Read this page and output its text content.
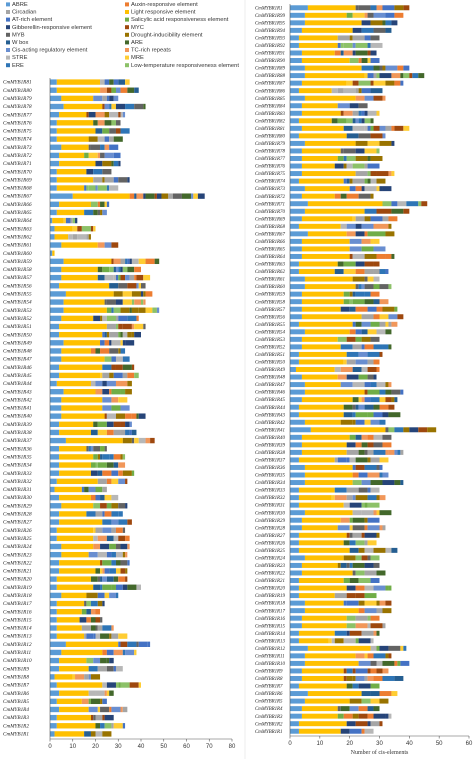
ABRE	Auxin-responsive element
Circadian	Light responsive element
AT-rich element	Salicylic acid responsiveness element
Gibberellin-responsive element	MYC
MYB	Drought-inducibility element
W box	ARE
Cis-acting regulatory element	TC-rich repeats
STRE	MRE
ERE	Low-temperature responsiveness element
CmMYB1R81
CmMYB1R80
CmMYB1R79
CmMYB1R78
CmMYB1R77
CmMYB1R76
CmMYB1R75
CmMYB1R74
CmMYB1R73
CmMYB1R72
CmMYB1R71
CmMYB1R70
CmMYB1R69
CmMYB1R68
CmMYB1R67
CmMYB1R66
CmMYB1R65
CmMYB1R64
CmMYB1R63
CmMYB1R62
CmMYB1R61
CmMYB1R60
CmMYB1R59
CmMYB1R58
CmMYB1R57
CmMYB1R56
CmMYB1R55
CmMYB1R54
CmMYB1R53
CmMYB1R52
CmMYB1R51
CmMYB1R50
CmMYB1R49
CmMYB1R48
CmMYB1R47
CmMYB1R46
CmMYB1R45
CmMYB1R44
CmMYB1R43
CmMYB1R42
CmMYB1R41
CmMYB1R40
CmMYB1R39
CmMYB1R38
CmMYB1R37
CmMYB1R36
CmMYB1R35
CmMYB1R34
CmMYB1R33
CmMYB1R32
CmMYB1R31
CmMYB1R30
CmMYB1R29
CmMYB1R28
CmMYB1R27
CmMYB1R26
CmMYB1R25
CmMYB1R24
CmMYB1R23
CmMYB1R22
CmMYB1R21
CmMYB1R20
CmMYB1R19
CmMYB1R18
CmMYB1R17
CmMYB1R16
CmMYB1R15
CmMYB1R14
CmMYB1R13
CmMYB1R12
CmMYB1R11
CmMYB1R10
CmMYB1R9
CmMYB1R8
CmMYB1R7
CmMYB1R6
CmMYB1R5
CmMYB1R4
CmMYB1R3
CmMYB1R2
CmMYB1R1
0	10	20	30	40	50	60	70	80
CmMYBR1R1
CmMYBR1R99
CmMYBR1R95
CmMYBR1R94
CmMYBR1R93
CmMYBR1R92
CmMYBR1R91
CmMYBR1R90
CmMYBR1R89
CmMYBR1R88
CmMYBR1R87
CmMYBR1R86
CmMYBR1R85
CmMYBR1R84
CmMYBR1R83
CmMYBR1R82
CmMYBR1R81
CmMYBR1R80
CmMYBR1R79
CmMYBR1R78
CmMYBR1R77
CmMYBR1R76
CmMYBR1R75
CmMYBR1R74
CmMYBR1R73
CmMYBR1R72
CmMYBR1R71
CmMYBR1R70
CmMYBR1R69
CmMYBR1R68
CmMYBR1R67
CmMYBR1R66
CmMYBR1R65
CmMYBR1R64
CmMYBR1R63
CmMYBR1R62
CmMYBR1R61
CmMYBR1R60
CmMYBR1R59
CmMYBR1R58
CmMYBR1R57
CmMYBR1R56
CmMYBR1R55
CmMYBR1R54
CmMYBR1R53
CmMYBR1R52
CmMYBR1R51
CmMYBR1R50
CmMYBR1R49
CmMYBR1R48
CmMYBR1R47
CmMYBR1R46
CmMYBR1R45
CmMYBR1R44
CmMYBR1R43
CmMYBR1R42
CmMYBR1R41
CmMYBR1R40
CmMYBR1R39
CmMYBR1R38
CmMYBR1R37
CmMYBR1R36
CmMYBR1R35
CmMYBR1R34
CmMYBR1R33
CmMYBR1R32
CmMYBR1R31
CmMYBR1R30
CmMYBR1R29
CmMYBR1R28
CmMYBR1R27
CmMYBR1R26
CmMYBR1R25
CmMYBR1R24
CmMYBR1R23
CmMYBR1R22
CmMYBR1R21
CmMYBR1R20
CmMYBR1R19
CmMYBR1R18
CmMYBR1R17
CmMYBR1R16
CmMYBR1R15
CmMYBR1R14
CmMYBR1R13
CmMYBR1R12
CmMYBR1R11
CmMYBR1R10
CmMYBR1R9
CmMYBR1R8
CmMYBR1R7
CmMYBR1R6
CmMYBR1R5
CmMYBR1R4
CmMYBR1R3
CmMYBR1R2
CmMYBR1R1
0	10	20	30	40	50	60
Number of cis-elements
